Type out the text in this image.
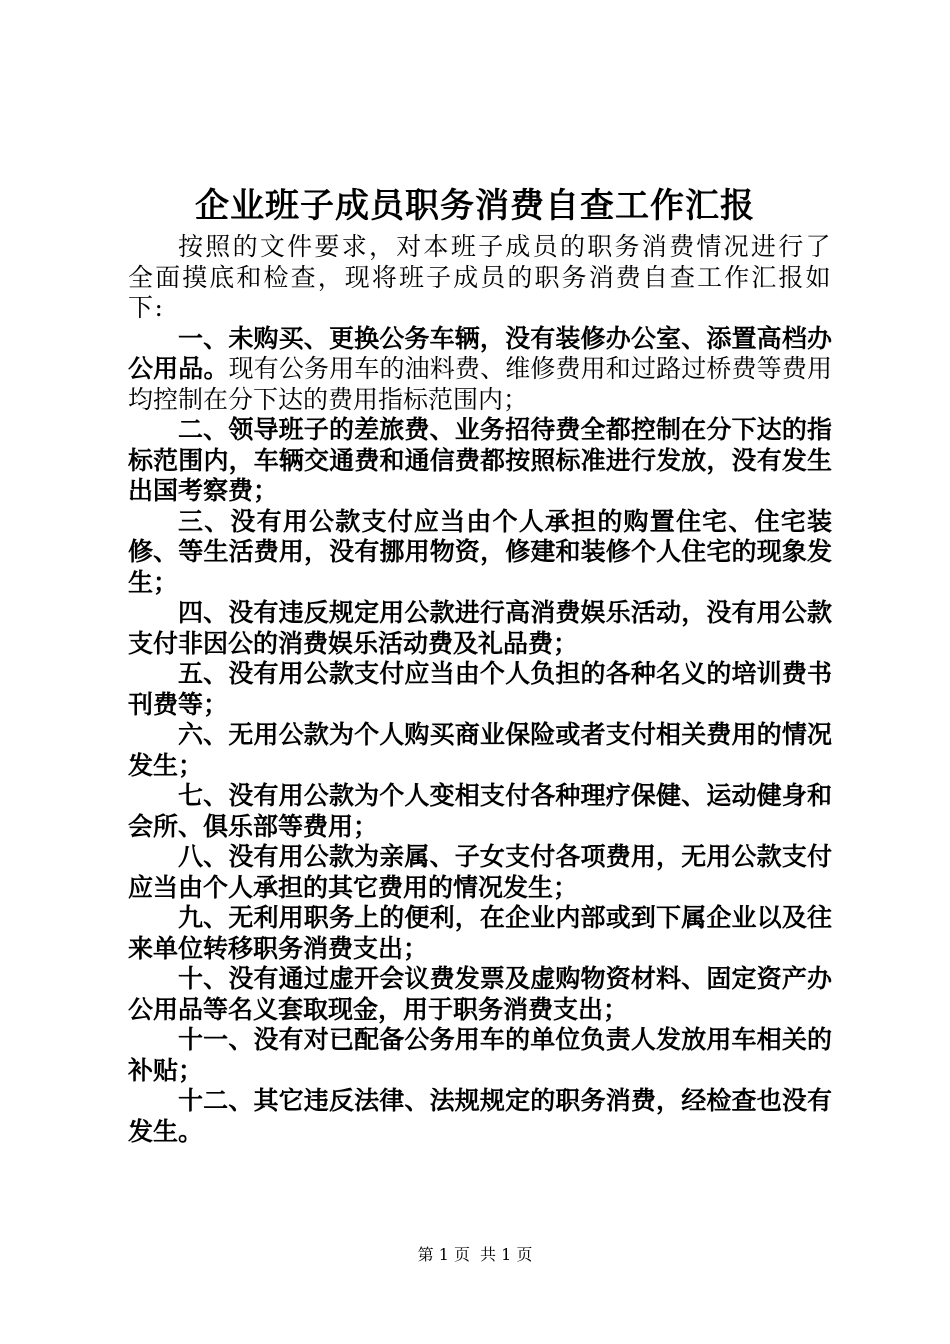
企业班子成员职务消费自查工作汇报

按照的文件要求，对本班子成员的职务消费情况进行了全面摸底和检查，现将班子成员的职务消费自查工作汇报如下:

一、未购买、更换公务车辆，没有装修办公室、添置高档办公用品。现有公务用车的油料费、维修费用和过路过桥费等费用均控制在分下达的费用指标范围内；

二、领导班子的差旅费、业务招待费全都控制在分下达的指标范围内，车辆交通费和通信费都按照标准进行发放，没有发生出国考察费；

三、没有用公款支付应当由个人承担的购置住宅、住宅装修、等生活费用，没有挪用物资，修建和装修个人住宅的现象发生；

四、没有违反规定用公款进行高消费娱乐活动，没有用公款支付非因公的消费娱乐活动费及礼品费；

五、没有用公款支付应当由个人负担的各种名义的培训费书刊费等；

六、无用公款为个人购买商业保险或者支付相关费用的情况发生；

七、没有用公款为个人变相支付各种理疗保健、运动健身和会所、俱乐部等费用；

八、没有用公款为亲属、子女支付各项费用，无用公款支付应当由个人承担的其它费用的情况发生；

九、无利用职务上的便利，在企业内部或到下属企业以及往来单位转移职务消费支出；

十、没有通过虚开会议费发票及虚购物资材料、固定资产办公用品等名义套取现金，用于职务消费支出；

十一、没有对已配备公务用车的单位负责人发放用车相关的补贴；

十二、其它违反法律、法规规定的职务消费，经检查也没有发生。

第 1 页 共 1 页
